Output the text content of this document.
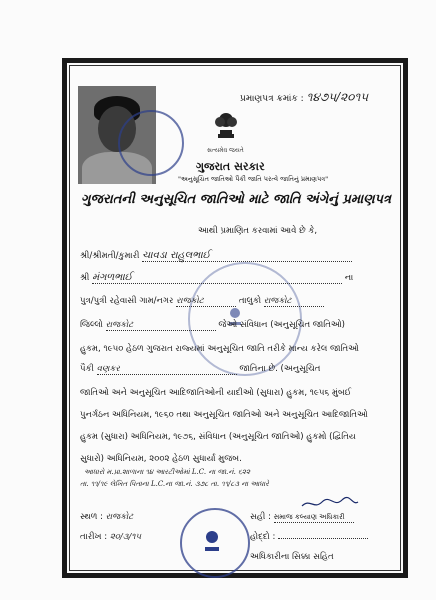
સત્યમેવ જયતે
પ્રમાણપત્ર ક્રમાંક : ૧૪૭૫/૨૦૧૫
ગુજરાત સરકાર
"અનુસૂચિત જાતિઓ પૈકી જાતિ પરત્વે જાતિનું પ્રમાણપત્ર"
ગુજરાતની અનુસૂચિત જાતિઓ માટે જાતિ અંગેનું પ્રમાણપત્ર
આથી પ્રમાણિત કરવામાં આવે છે કે,
શ્રી/શ્રીમતી/કુમારી ચાવડા રાહુલભાઈ
શ્રી મંગળભાઈ	ના
પુત્ર/પુત્રી રહેવાસી ગામ/નગર રાજકોટ	તાલુકો રાજકોટ
જિલ્લો રાજકોટ	જેઓ સંવિધાન (અનુસૂચિત જાતિઓ)
હુકમ, ૧૯૫૦ હેઠળ ગુજરાત રાજ્યમાં અનુસૂચિત જાતિ તરીકે માન્ય કરેલ જાતિઓ
પૈકી વણકર	જાતિના છે. (અનુસૂચિત
જાતિઓ અને અનુસૂચિત આદિજાતિઓની યાદીઓ (સુધારા) હુકમ, ૧૯૫૬ મુંબઈ
પુનર્ગઠન અધિનિયમ, ૧૯૬૦ તથા અનુસૂચિત જાતિઓ અને અનુસૂચિત આદિજાતિઓ
હુકમ (સુધારા) અધિનિયમ, ૧૯૭૬, સંવિધાન (અનુસૂચિત જાતિઓ) હુકમો (દ્વિતિય
સુધારો) અધિનિયમ, ૨૦૦૨ હેઠળ સુધાર્યા મુજબ.
આધારો મ.પ્રા.શાળાના ૧૪ આરટીઓમાં L.C. ના જા.નં. ૬૨૨
તા. ૧૧/૧૯ લેખિત પિતાના L.C.ના જા.નં. ૩૭૮ તા. ૧૧/૮૩ ના આધારે
સ્થળ : રાજકોટ
તારીખ : ૨૦/૩/૧૫
સહી : સમાજ કલ્યાણ અધિકારી
હોદ્દો :
અધિકારીના સિક્કા સહિત
